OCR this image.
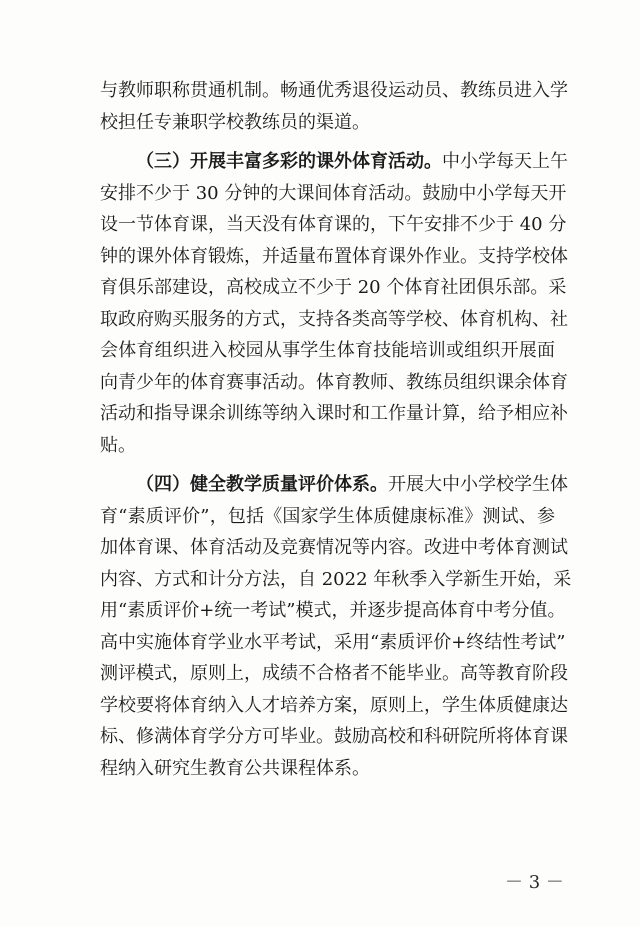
与教师职称贯通机制。畅通优秀退役运动员、教练员进入学
校担任专兼职学校教练员的渠道。
（三）开展丰富多彩的课外体育活动。中小学每天上午
安排不少于 30 分钟的大课间体育活动。鼓励中小学每天开
设一节体育课，当天没有体育课的，下午安排不少于 40 分
钟的课外体育锻炼，并适量布置体育课外作业。支持学校体
育俱乐部建设，高校成立不少于 20 个体育社团俱乐部。采
取政府购买服务的方式，支持各类高等学校、体育机构、社
会体育组织进入校园从事学生体育技能培训或组织开展面
向青少年的体育赛事活动。体育教师、教练员组织课余体育
活动和指导课余训练等纳入课时和工作量计算，给予相应补
贴。
（四）健全教学质量评价体系。开展大中小学校学生体
育“素质评价”，包括《国家学生体质健康标准》测试、参
加体育课、体育活动及竞赛情况等内容。改进中考体育测试
内容、方式和计分方法，自 2022 年秋季入学新生开始，采
用“素质评价+统一考试”模式，并逐步提高体育中考分值。
高中实施体育学业水平考试，采用“素质评价+终结性考试”
测评模式，原则上，成绩不合格者不能毕业。高等教育阶段
学校要将体育纳入人才培养方案，原则上，学生体质健康达
标、修满体育学分方可毕业。鼓励高校和科研院所将体育课
程纳入研究生教育公共课程体系。
－ 3 －
